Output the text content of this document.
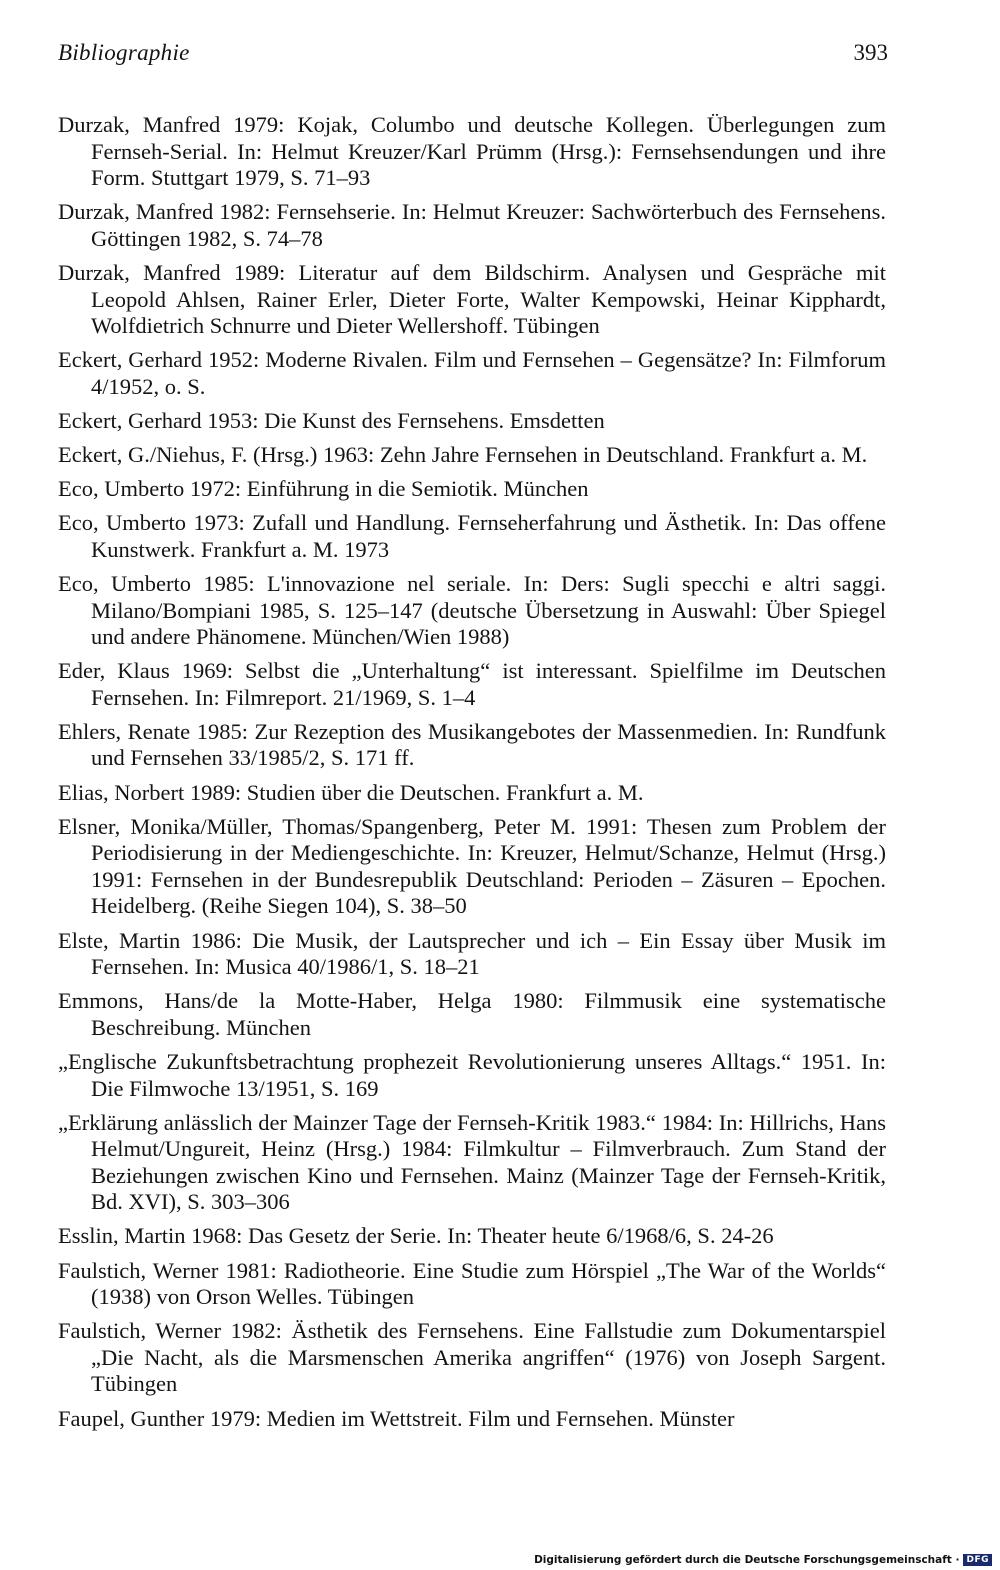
Bibliographie	393

Durzak, Manfred 1979: Kojak, Columbo und deutsche Kollegen. Überlegungen zum Fernseh-Serial. In: Helmut Kreuzer/Karl Prümm (Hrsg.): Fernsehsendungen und ihre Form. Stuttgart 1979, S. 71–93

Durzak, Manfred 1982: Fernsehserie. In: Helmut Kreuzer: Sachwörterbuch des Fernsehens. Göttingen 1982, S. 74–78

Durzak, Manfred 1989: Literatur auf dem Bildschirm. Analysen und Gespräche mit Leopold Ahlsen, Rainer Erler, Dieter Forte, Walter Kempowski, Heinar Kipphardt, Wolfdietrich Schnurre und Dieter Wellershoff. Tübingen

Eckert, Gerhard 1952: Moderne Rivalen. Film und Fernsehen – Gegensätze? In: Filmforum 4/1952, o. S.

Eckert, Gerhard 1953: Die Kunst des Fernsehens. Emsdetten

Eckert, G./Niehus, F. (Hrsg.) 1963: Zehn Jahre Fernsehen in Deutschland. Frankfurt a. M.

Eco, Umberto 1972: Einführung in die Semiotik. München

Eco, Umberto 1973: Zufall und Handlung. Fernseherfahrung und Ästhetik. In: Das offene Kunstwerk. Frankfurt a. M. 1973

Eco, Umberto 1985: L'innovazione nel seriale. In: Ders: Sugli specchi e altri saggi. Milano/Bompiani 1985, S. 125–147 (deutsche Übersetzung in Auswahl: Über Spiegel und andere Phänomene. München/Wien 1988)

Eder, Klaus 1969: Selbst die „Unterhaltung“ ist interessant. Spielfilme im Deutschen Fernsehen. In: Filmreport. 21/1969, S. 1–4

Ehlers, Renate 1985: Zur Rezeption des Musikangebotes der Massenmedien. In: Rundfunk und Fernsehen 33/1985/2, S. 171 ff.

Elias, Norbert 1989: Studien über die Deutschen. Frankfurt a. M.

Elsner, Monika/Müller, Thomas/Spangenberg, Peter M. 1991: Thesen zum Problem der Periodisierung in der Mediengeschichte. In: Kreuzer, Helmut/Schanze, Helmut (Hrsg.) 1991: Fernsehen in der Bundesrepublik Deutschland: Perioden – Zäsuren – Epochen. Heidelberg. (Reihe Siegen 104), S. 38–50

Elste, Martin 1986: Die Musik, der Lautsprecher und ich – Ein Essay über Musik im Fernsehen. In: Musica 40/1986/1, S. 18–21

Emmons, Hans/de la Motte-Haber, Helga 1980: Filmmusik eine systematische Beschreibung. München

„Englische Zukunftsbetrachtung prophezeit Revolutionierung unseres Alltags.“ 1951. In: Die Filmwoche 13/1951, S. 169

„Erklärung anlässlich der Mainzer Tage der Fernseh-Kritik 1983.“ 1984: In: Hillrichs, Hans Helmut/Ungureit, Heinz (Hrsg.) 1984: Filmkultur – Filmverbrauch. Zum Stand der Beziehungen zwischen Kino und Fernsehen. Mainz (Mainzer Tage der Fernseh-Kritik, Bd. XVI), S. 303–306

Esslin, Martin 1968: Das Gesetz der Serie. In: Theater heute 6/1968/6, S. 24-26

Faulstich, Werner 1981: Radiotheorie. Eine Studie zum Hörspiel „The War of the Worlds“ (1938) von Orson Welles. Tübingen

Faulstich, Werner 1982: Ästhetik des Fernsehens. Eine Fallstudie zum Dokumentarspiel „Die Nacht, als die Marsmenschen Amerika angriffen“ (1976) von Joseph Sargent. Tübingen

Faupel, Gunther 1979: Medien im Wettstreit. Film und Fernsehen. Münster

Digitalisierung gefördert durch die Deutsche Forschungsgemeinschaft · DFG
